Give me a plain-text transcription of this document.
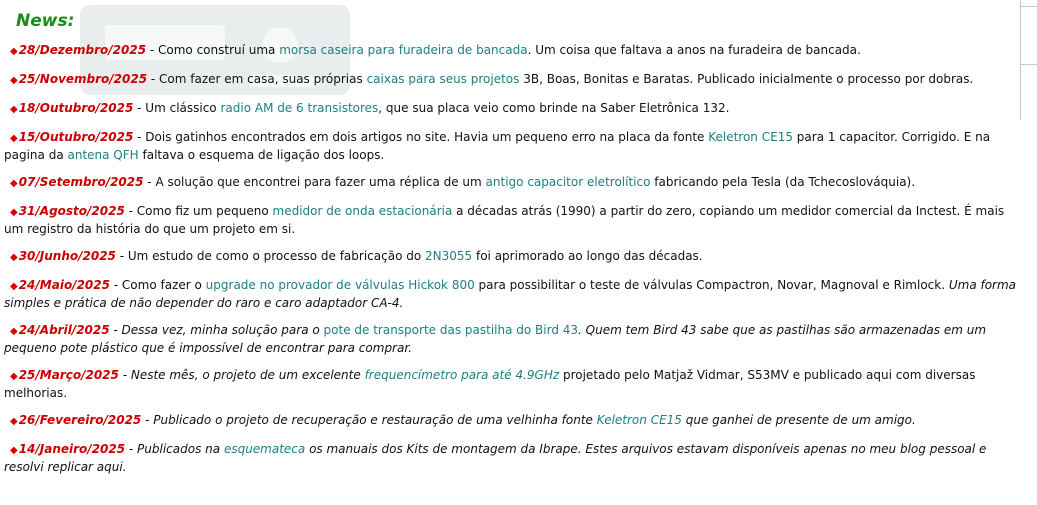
News:
◆28/Dezembro/2025 - Como construí uma morsa caseira para furadeira de bancada. Um coisa que faltava a anos na furadeira de bancada.
◆25/Novembro/2025 - Com fazer em casa, suas próprias caixas para seus projetos 3B, Boas, Bonitas e Baratas. Publicado inicialmente o processo por dobras.
◆18/Outubro/2025 - Um clássico radio AM de 6 transistores, que sua placa veio como brinde na Saber Eletrônica 132.
◆15/Outubro/2025 - Dois gatinhos encontrados em dois artigos no site. Havia um pequeno erro na placa da fonte Keletron CE15 para 1 capacitor. Corrigido. E na pagina da antena QFH faltava o esquema de ligação dos loops.
◆07/Setembro/2025 - A solução que encontrei para fazer uma réplica de um antigo capacitor eletrolítico fabricando pela Tesla (da Tchecoslováquia).
◆31/Agosto/2025 - Como fiz um pequeno medidor de onda estacionária a décadas atrás (1990) a partir do zero, copiando um medidor comercial da Inctest. É mais um registro da história do que um projeto em si.
◆30/Junho/2025 - Um estudo de como o processo de fabricação do 2N3055 foi aprimorado ao longo das décadas.
◆24/Maio/2025 - Como fazer o upgrade no provador de válvulas Hickok 800 para possibilitar o teste de válvulas Compactron, Novar, Magnoval e Rimlock. Uma forma simples e prática de não depender do raro e caro adaptador CA-4.
◆24/Abril/2025 - Dessa vez, minha solução para o pote de transporte das pastilha do Bird 43. Quem tem Bird 43 sabe que as pastilhas são armazenadas em um pequeno pote plástico que é impossível de encontrar para comprar.
◆25/Março/2025 - Neste mês, o projeto de um excelente frequencímetro para até 4.9GHz projetado pelo Matjaž Vidmar, S53MV e publicado aqui com diversas melhorias.
◆26/Fevereiro/2025 - Publicado o projeto de recuperação e restauração de uma velhinha fonte Keletron CE15 que ganhei de presente de um amigo.
◆14/Janeiro/2025 - Publicados na esquemateca os manuais dos Kits de montagem da Ibrape. Estes arquivos estavam disponíveis apenas no meu blog pessoal e resolvi replicar aqui.
